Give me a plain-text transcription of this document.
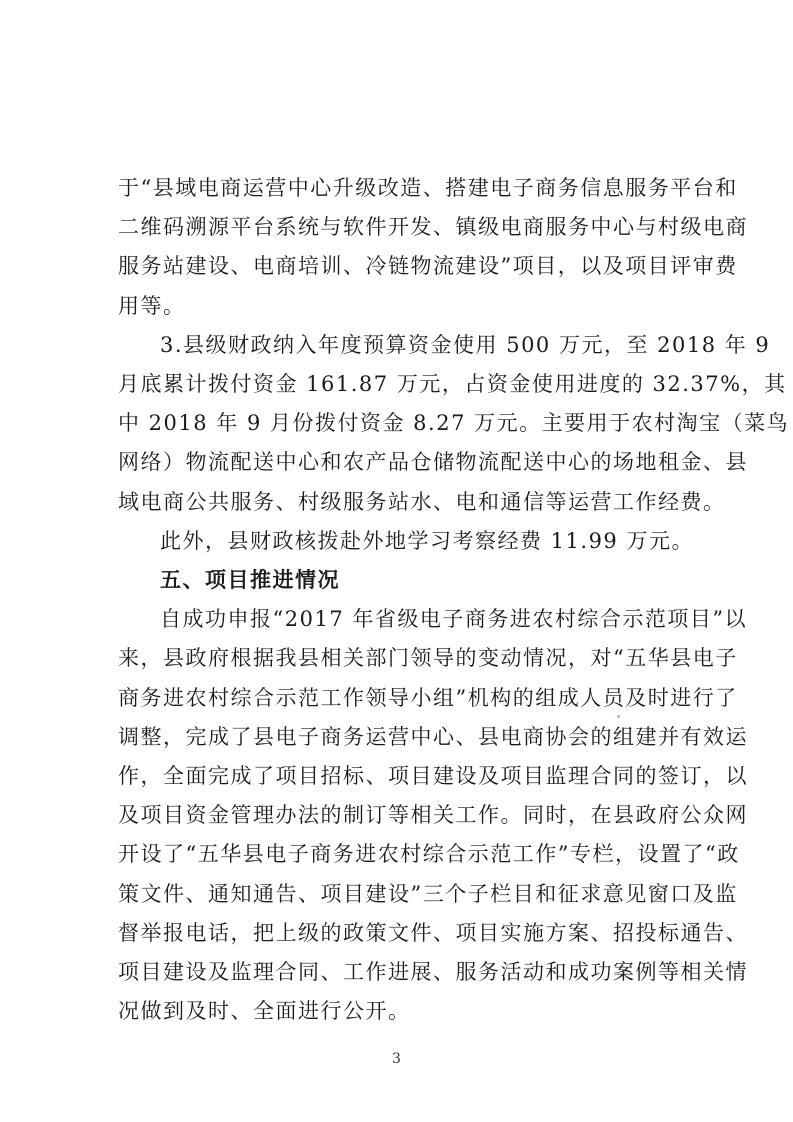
于“县域电商运营中心升级改造、搭建电子商务信息服务平台和
二维码溯源平台系统与软件开发、镇级电商服务中心与村级电商
服务站建设、电商培训、冷链物流建设”项目，以及项目评审费
用等。
3.县级财政纳入年度预算资金使用 500 万元，至 2018 年 9
月底累计拨付资金 161.87 万元，占资金使用进度的 32.37%，其
中 2018 年 9 月份拨付资金 8.27 万元。主要用于农村淘宝（菜鸟
网络）物流配送中心和农产品仓储物流配送中心的场地租金、县
域电商公共服务、村级服务站水、电和通信等运营工作经费。
此外，县财政核拨赴外地学习考察经费 11.99 万元。
五、项目推进情况
自成功申报“2017 年省级电子商务进农村综合示范项目”以
来，县政府根据我县相关部门领导的变动情况，对“五华县电子
商务进农村综合示范工作领导小组”机构的组成人员及时进行了
调整，完成了县电子商务运营中心、县电商协会的组建并有效运
作，全面完成了项目招标、项目建设及项目监理合同的签订，以
及项目资金管理办法的制订等相关工作。同时，在县政府公众网
开设了“五华县电子商务进农村综合示范工作”专栏，设置了“政
策文件、通知通告、项目建设”三个子栏目和征求意见窗口及监
督举报电话，把上级的政策文件、项目实施方案、招投标通告、
项目建设及监理合同、工作进展、服务活动和成功案例等相关情
况做到及时、全面进行公开。
3
